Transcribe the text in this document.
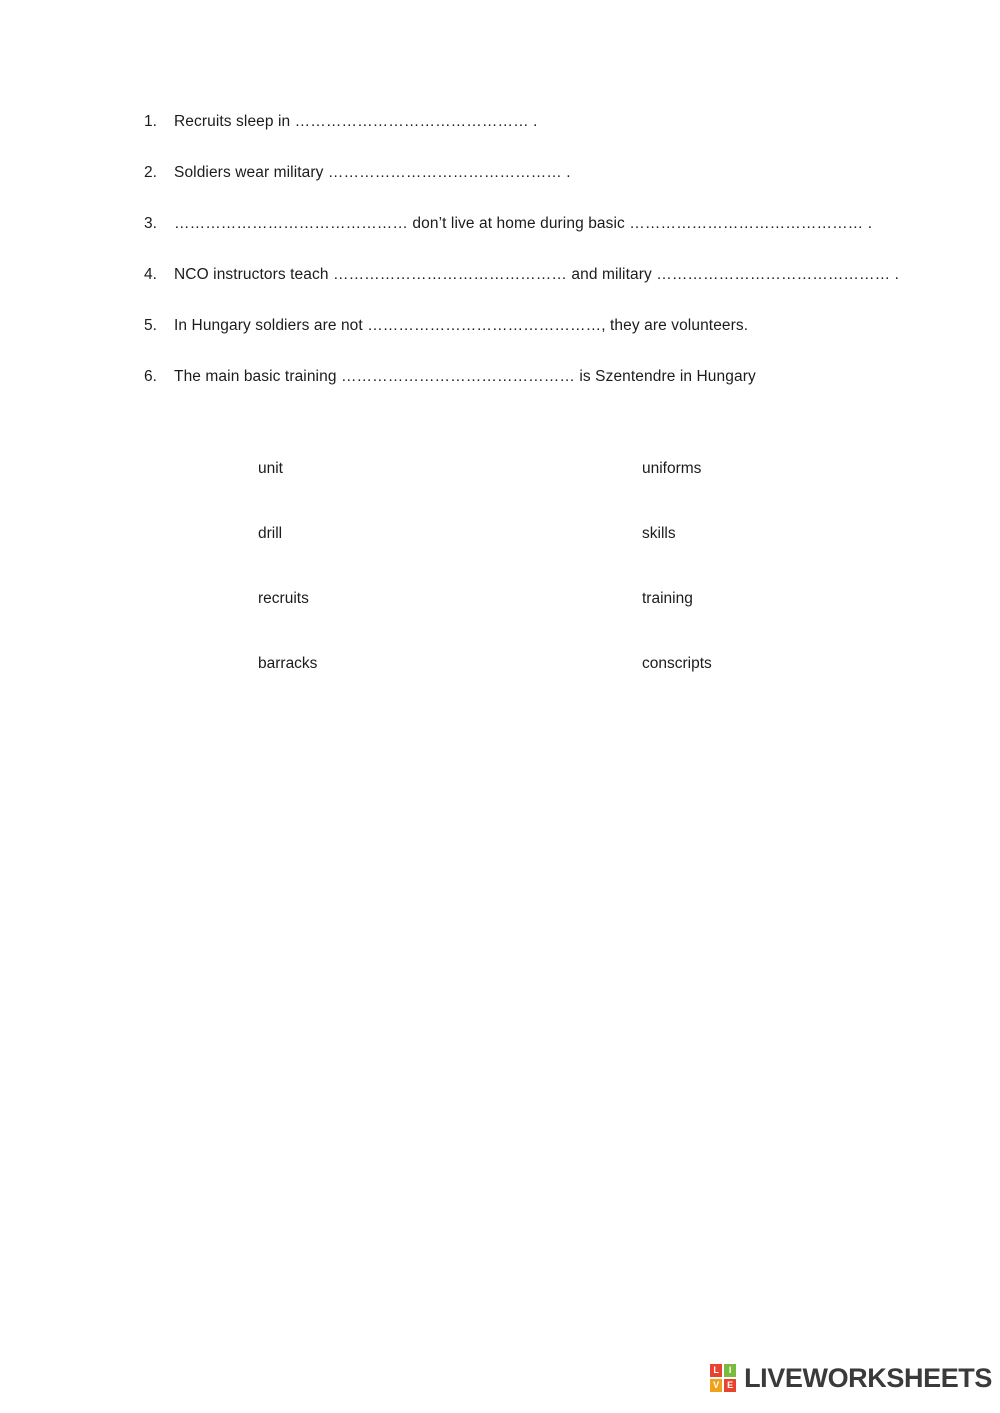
1.	Recruits sleep in ……………………………………… .
2.	Soldiers wear military ……………………………………… .
3.	……………………………………… don’t live at home during basic ……………………………………… .
4.	NCO instructors teach ……………………………………… and military ……………………………………… .
5.	In Hungary soldiers are not ………………………………………, they are volunteers.
6.	The main basic training ……………………………………… is Szentendre in Hungary
unit	uniforms
drill	skills
recruits	training
barracks	conscripts
L	I
V E LIVEWORKSHEETS
